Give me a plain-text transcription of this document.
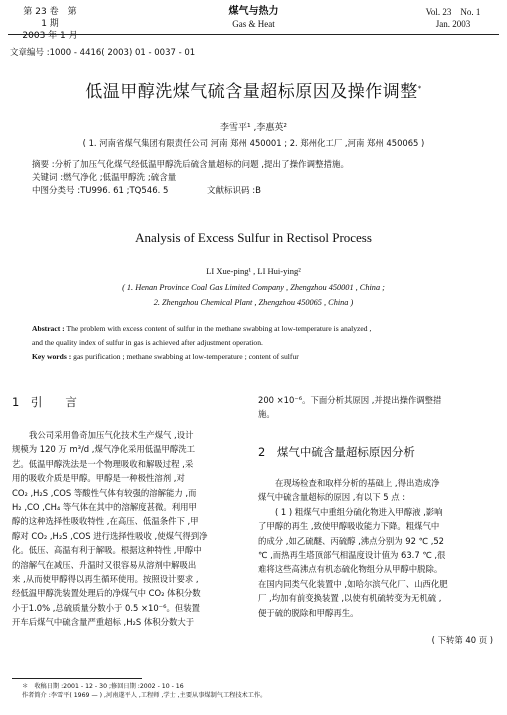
第 23 卷　第 1 期
2003 年 1 月
煤气与热力
Gas & Heat
Vol. 23　No. 1
Jan. 2003
文章编号 :1000 - 4416( 2003) 01 - 0037 - 01
低温甲醇洗煤气硫含量超标原因及操作调整*
李雪平¹ ,李惠英²
( 1. 河南省煤气集团有限责任公司 河南 郑州 450001 ; 2. 郑州化工厂 ,河南 郑州 450065 )
摘要 :分析了加压气化煤气经低温甲醇洗后硫含量超标的问题 ,提出了操作调整措施。
关键词 :燃气净化 ;低温甲醇洗 ;硫含量
中图分类号 :TU996. 61 ;TQ546. 5	文献标识码 :B
Analysis of Excess Sulfur in Rectisol Process
LI Xue-ping¹ , LI Hui-ying²
( 1. Henan Province Coal Gas Limited Company , Zhengzhou 450001 , China ;
2. Zhengzhou Chemical Plant , Zhengzhou 450065 , China )
Abstract : The problem with excess content of sulfur in the methane swabbing at low-temperature is analyzed ,
and the quality index of sulfur in gas is achieved after adjustment operation.
Key words : gas purification ; methane swabbing at low-temperature ; content of sulfur
1　引　　言
我公司采用鲁奇加压气化技术生产煤气 ,设计
规模为 120 万 m³/d ,煤气净化采用低温甲醇洗工
艺。低温甲醇洗法是一个物理吸收和解吸过程 ,采
用的吸收介质是甲醇。甲醇是一种极性溶剂 ,对
CO₂ ,H₂S ,COS 等酸性气体有较强的溶解能力 ,而
H₂ ,CO ,CH₄ 等气体在其中的溶解度甚微。利用甲
醇的这种选择性吸收特性 ,在高压、低温条件下 ,甲
醇对 CO₂ ,H₂S ,COS 进行选择性吸收 ,使煤气得到净
化。低压、高温有利于解吸。根据这种特性 ,甲醇中
的溶解气在减压、升温时又很容易从溶剂中解吸出
来 ,从而使甲醇得以再生循环使用。按照设计要求 ,
经低温甲醇洗装置处理后的净煤气中 CO₂ 体积分数
小于1.0% ,总硫质量分数小于 0.5 ×10⁻⁶。但装置
开车后煤气中硫含量严重超标 ,H₂S 体积分数大于
200 ×10⁻⁶。下面分析其原因 ,并提出操作调整措
施。
2　煤气中硫含量超标原因分析
在现场检查和取样分析的基础上 ,得出造成净
煤气中硫含量超标的原因 ,有以下 5 点 :
( 1 ) 粗煤气中重组分硫化物进入甲醇液 ,影响
了甲醇的再生 ,致使甲醇吸收能力下降。粗煤气中
的成分 ,如乙硫醚、丙硫醇 ,沸点分别为 92 ℃ ,52
℃ ,而热再生塔顶部气相温度设计值为 63.7 ℃ ,很
难将这些高沸点有机态硫化物组分从甲醇中脱除。
在国内同类气化装置中 ,如哈尔滨气化厂、山西化肥
厂 ,均加有前变换装置 ,以使有机硫转变为无机硫 ,
便于硫的脱除和甲醇再生。
( 下转第 40 页 )
＊　收稿日期 :2001 - 12 - 30 ;修回日期 :2002 - 10 - 16
作者简介 :李雪平( 1969 — ) ,河南遂平人 ,工程师 ,学士 ,主要从事煤制气工程技术工作。
